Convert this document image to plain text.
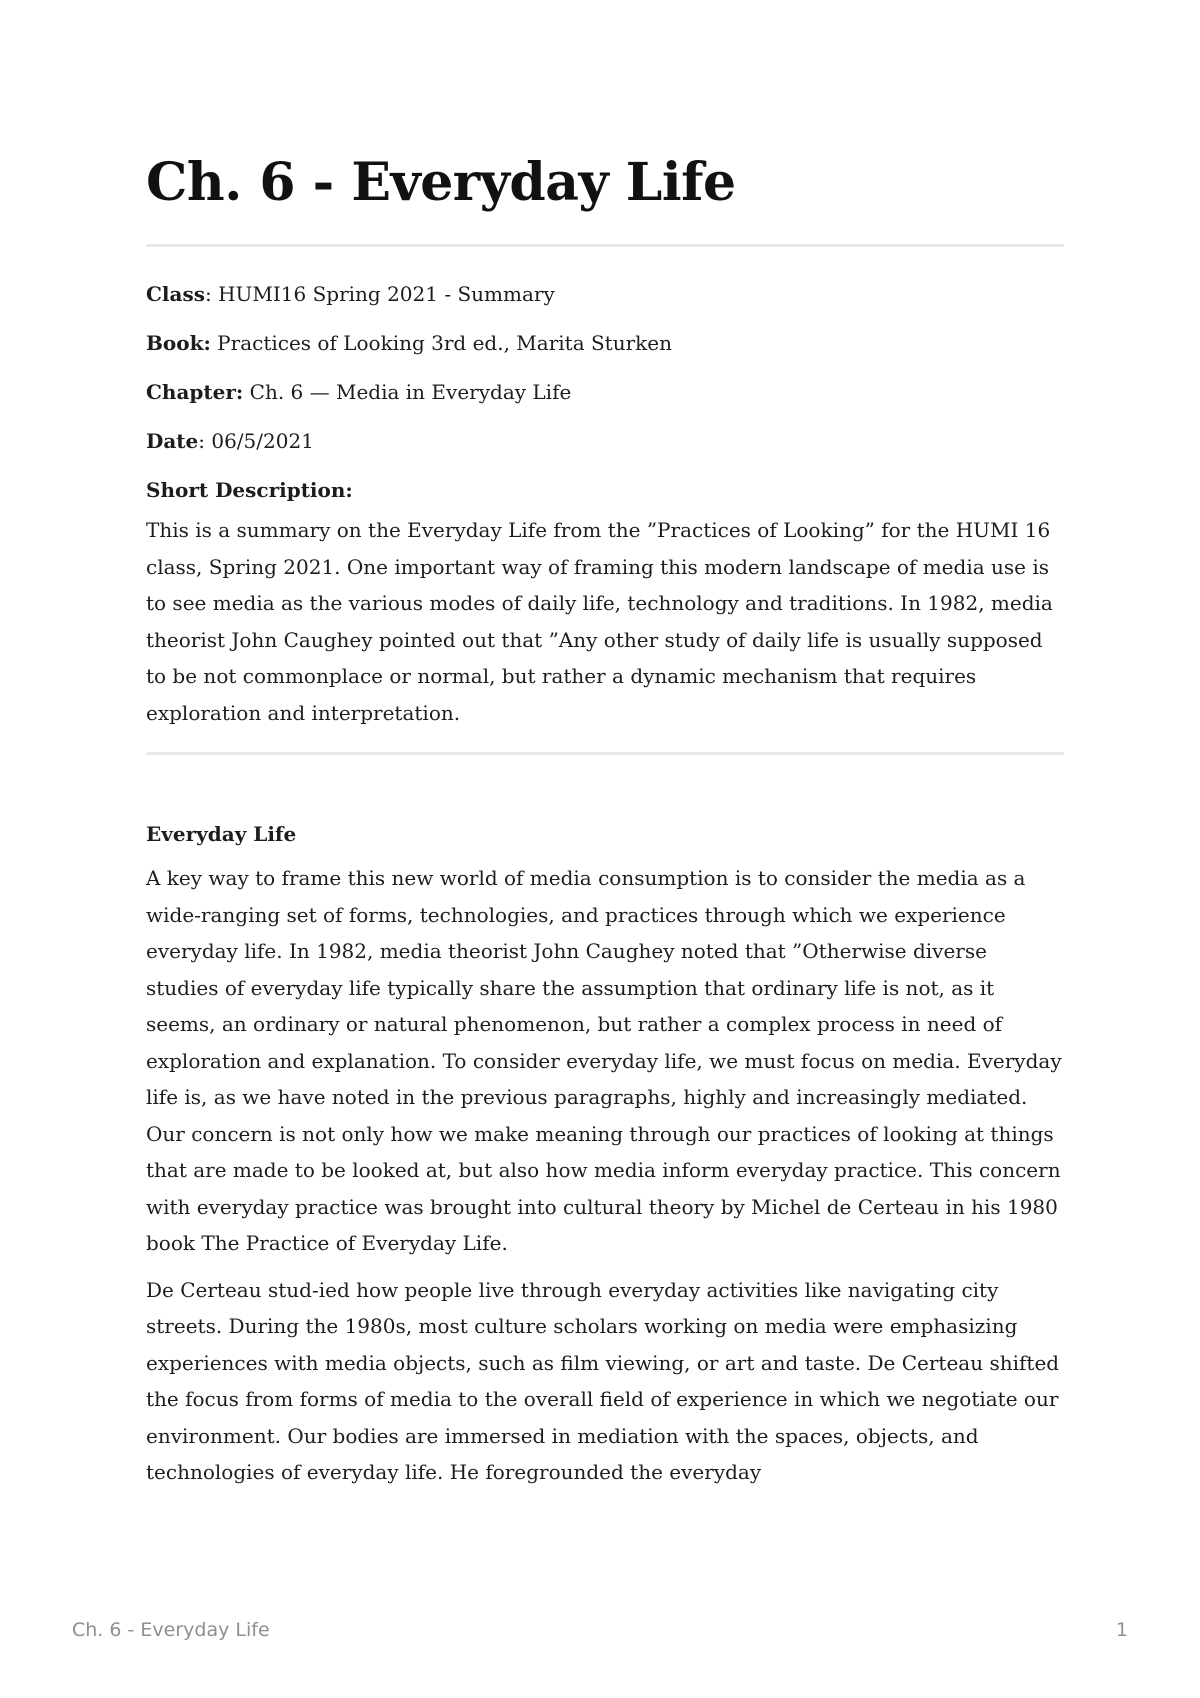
Ch. 6 - Everyday Life

Class: HUMI16 Spring 2021 - Summary

Book: Practices of Looking 3rd ed., Marita Sturken

Chapter: Ch. 6 — Media in Everyday Life

Date: 06/5/2021

Short Description:

This is a summary on the Everyday Life from the ”Practices of Looking” for the HUMI 16 class, Spring 2021. One important way of framing this modern landscape of media use is to see media as the various modes of daily life, technology and traditions. In 1982, media theorist John Caughey pointed out that ”Any other study of daily life is usually supposed to be not commonplace or normal, but rather a dynamic mechanism that requires exploration and interpretation.

Everyday Life

A key way to frame this new world of media consumption is to consider the media as a wide-ranging set of forms, technologies, and practices through which we experience everyday life. In 1982, media theorist John Caughey noted that ”Otherwise diverse studies of everyday life typically share the assumption that ordinary life is not, as it seems, an ordinary or natural phenomenon, but rather a complex process in need of exploration and explanation. To consider everyday life, we must focus on media. Everyday life is, as we have noted in the previous paragraphs, highly and increasingly mediated. Our concern is not only how we make meaning through our practices of looking at things that are made to be looked at, but also how media inform everyday practice. This concern with everyday practice was brought into cultural theory by Michel de Certeau in his 1980 book The Practice of Everyday Life.

De Certeau stud-ied how people live through everyday activities like navigating city streets. During the 1980s, most culture scholars working on media were emphasizing experiences with media objects, such as film viewing, or art and taste. De Certeau shifted the focus from forms of media to the overall field of experience in which we negotiate our environment. Our bodies are immersed in mediation with the spaces, objects, and technologies of everyday life. He foregrounded the everyday

Ch. 6 - Everyday Life	1
